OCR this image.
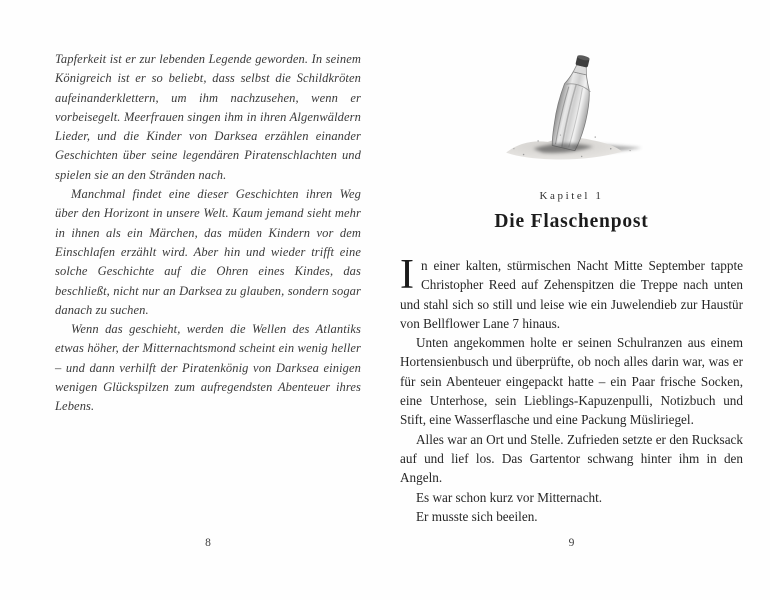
Tapferkeit ist er zur lebenden Legende geworden. In seinem Königreich ist er so beliebt, dass selbst die Schildkröten aufeinanderklettern, um ihm nachzusehen, wenn er vorbeisegelt. Meerfrauen singen ihm in ihren Algenwäldern Lieder, und die Kinder von Darksea erzählen einander Geschichten über seine legendären Piratenschlachten und spielen sie an den Stränden nach.

Manchmal findet eine dieser Geschichten ihren Weg über den Horizont in unsere Welt. Kaum jemand sieht mehr in ihnen als ein Märchen, das müden Kindern vor dem Einschlafen erzählt wird. Aber hin und wieder trifft eine solche Geschichte auf die Ohren eines Kindes, das beschließt, nicht nur an Darksea zu glauben, sondern sogar danach zu suchen.

Wenn das geschieht, werden die Wellen des Atlantiks etwas höher, der Mitternachtsmond scheint ein wenig heller – und dann verhilft der Piratenkönig von Darksea einigen wenigen Glückspilzen zum aufregendsten Abenteuer ihres Lebens.

8
Kapitel 1
Die Flaschenpost

In einer kalten, stürmischen Nacht Mitte September tappte Christopher Reed auf Zehenspitzen die Treppe nach unten und stahl sich so still und leise wie ein Juwelendieb zur Haustür von Bellflower Lane 7 hinaus.

Unten angekommen holte er seinen Schulranzen aus einem Hortensienbusch und überprüfte, ob noch alles darin war, was er für sein Abenteuer eingepackt hatte – ein Paar frische Socken, eine Unterhose, sein Lieblings-Kapuzenpulli, Notizbuch und Stift, eine Wasserflasche und eine Packung Müsliriegel.

Alles war an Ort und Stelle. Zufrieden setzte er den Rucksack auf und lief los. Das Gartentor schwang hinter ihm in den Angeln.

Es war schon kurz vor Mitternacht.

Er musste sich beeilen.

9
